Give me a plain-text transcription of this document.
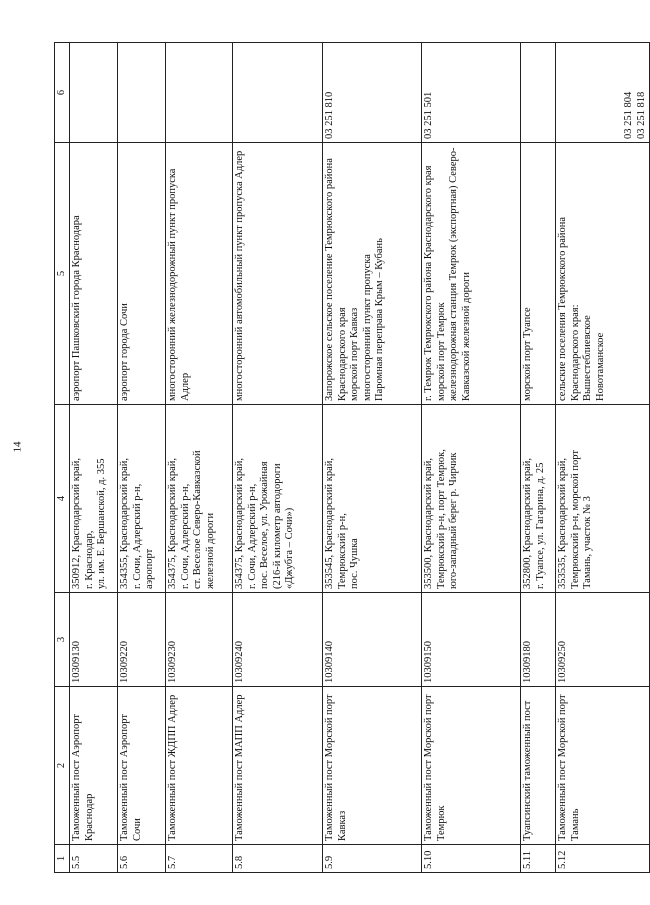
14
1	2	3	4	5	6
5.5	Таможенный пост Аэропорт Краснодар	10309130	350912, Краснодарский край, г. Краснодар, ул. им. Е. Бершанской, д. 355	аэропорт Пашковский города Краснодара	

5.6	Таможенный пост Аэропорт Сочи	10309220	354355, Краснодарский край, г. Сочи, Адлерский р-н, аэропорт	аэропорт города Сочи	

5.7	Таможенный пост ЖДПП Адлер	10309230	354375, Краснодарский край, г. Сочи, Адлерский р-н, ст. Веселое Северо-Кавказской железной дороги	многосторонний железнодорожный пункт пропуска Адлер	

5.8	Таможенный пост МАПП Адлер	10309240	354375, Краснодарский край, г. Сочи, Адлерский р-н, пос. Веселое, ул. Урожайная (216-й километр автодороги «Джубга – Сочи»)	многосторонний автомобильный пункт пропуска Адлер	

5.9	Таможенный пост Морской порт Кавказ	10309140	353545, Краснодарский край, Темрюкский р-н, пос. Чушка	Запорожское сельское поселение Темрюкского района Краснодарского края морской порт Кавказ многосторонний пункт пропуска Паромная переправа Крым – Кубань	03 251 810

5.10	Таможенный пост Морской порт Темрюк	10309150	353500, Краснодарский край, Темрюкский р-н, порт Темрюк, юго-западный берег р. Чирчик	г. Темрюк Темрюкского района Краснодарского края морской порт Темрюк железнодорожная станция Темрюк (экспортная) Северо-Кавказской железной дороги	03 251 501

5.11	Туапсинский таможенный пост	10309180	352800, Краснодарский край, г. Туапсе, ул. Гагарина, д. 25	морской порт Туапсе	

5.12	Таможенный пост Морской порт Тамань	10309250	353535, Краснодарский край, Темрюкский р-н, морской порт Тамань, участок № 3	сельские поселения Темрюкского района Краснодарского края: Вышестеблиевское Новотаманское	03 251 804 03 251 818
